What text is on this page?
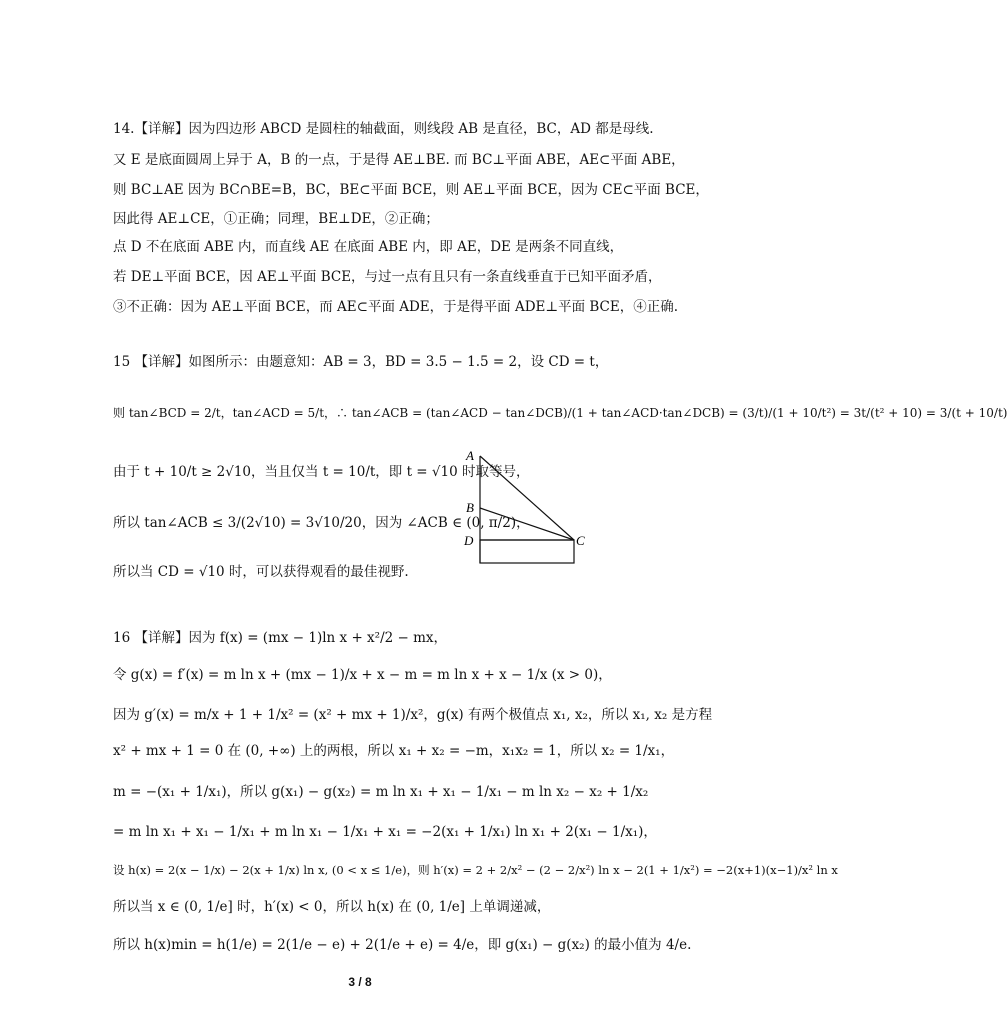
14.【详解】因为四边形 ABCD 是圆柱的轴截面，则线段 AB 是直径，BC，AD 都是母线.
又 E 是底面圆周上异于 A，B 的一点，于是得 AE⊥BE. 而 BC⊥平面 ABE，AE⊂平面 ABE，
则 BC⊥AE 因为 BC∩BE=B，BC，BE⊂平面 BCE，则 AE⊥平面 BCE，因为 CE⊂平面 BCE，
因此得 AE⊥CE，①正确；同理，BE⊥DE，②正确；
点 D 不在底面 ABE 内，而直线 AE 在底面 ABE 内，即 AE，DE 是两条不同直线，
若 DE⊥平面 BCE，因 AE⊥平面 BCE，与过一点有且只有一条直线垂直于已知平面矛盾，
③不正确：因为 AE⊥平面 BCE，而 AE⊂平面 ADE，于是得平面 ADE⊥平面 BCE，④正确.
15 【详解】如图所示：由题意知：AB = 3，BD = 3.5 − 1.5 = 2，设 CD = t，
则 tan∠BCD = 2/t，tan∠ACD = 5/t，∴ tan∠ACB = (tan∠ACD − tan∠DCB)/(1 + tan∠ACD·tan∠DCB) = (3/t)/(1 + 10/t²) = 3t/(t² + 10) = 3/(t + 10/t)
由于 t + 10/t ≥ 2√10，当且仅当 t = 10/t，即 t = √10 时取等号，
所以 tan∠ACB ≤ 3/(2√10) = 3√10/20，因为 ∠ACB ∈ (0, π/2)，
所以当 CD = √10 时，可以获得观看的最佳视野.
A
B
D	C
16 【详解】因为 f(x) = (mx − 1)ln x + x²/2 − mx，
令 g(x) = f′(x) = m ln x + (mx − 1)/x + x − m = m ln x + x − 1/x (x > 0)，
因为 g′(x) = m/x + 1 + 1/x² = (x² + mx + 1)/x²，g(x) 有两个极值点 x₁, x₂，所以 x₁, x₂ 是方程
x² + mx + 1 = 0 在 (0, +∞) 上的两根，所以 x₁ + x₂ = −m，x₁x₂ = 1，所以 x₂ = 1/x₁，
m = −(x₁ + 1/x₁)，所以 g(x₁) − g(x₂) = m ln x₁ + x₁ − 1/x₁ − m ln x₂ − x₂ + 1/x₂
= m ln x₁ + x₁ − 1/x₁ + m ln x₁ − 1/x₁ + x₁ = −2(x₁ + 1/x₁) ln x₁ + 2(x₁ − 1/x₁)，
设 h(x) = 2(x − 1/x) − 2(x + 1/x) ln x, (0 < x ≤ 1/e)，则 h′(x) = 2 + 2/x² − (2 − 2/x²) ln x − 2(1 + 1/x²) = −2(x+1)(x−1)/x² ln x
所以当 x ∈ (0, 1/e] 时，h′(x) < 0，所以 h(x) 在 (0, 1/e] 上单调递减，
所以 h(x)min = h(1/e) = 2(1/e − e) + 2(1/e + e) = 4/e，即 g(x₁) − g(x₂) 的最小值为 4/e.
3 / 8
